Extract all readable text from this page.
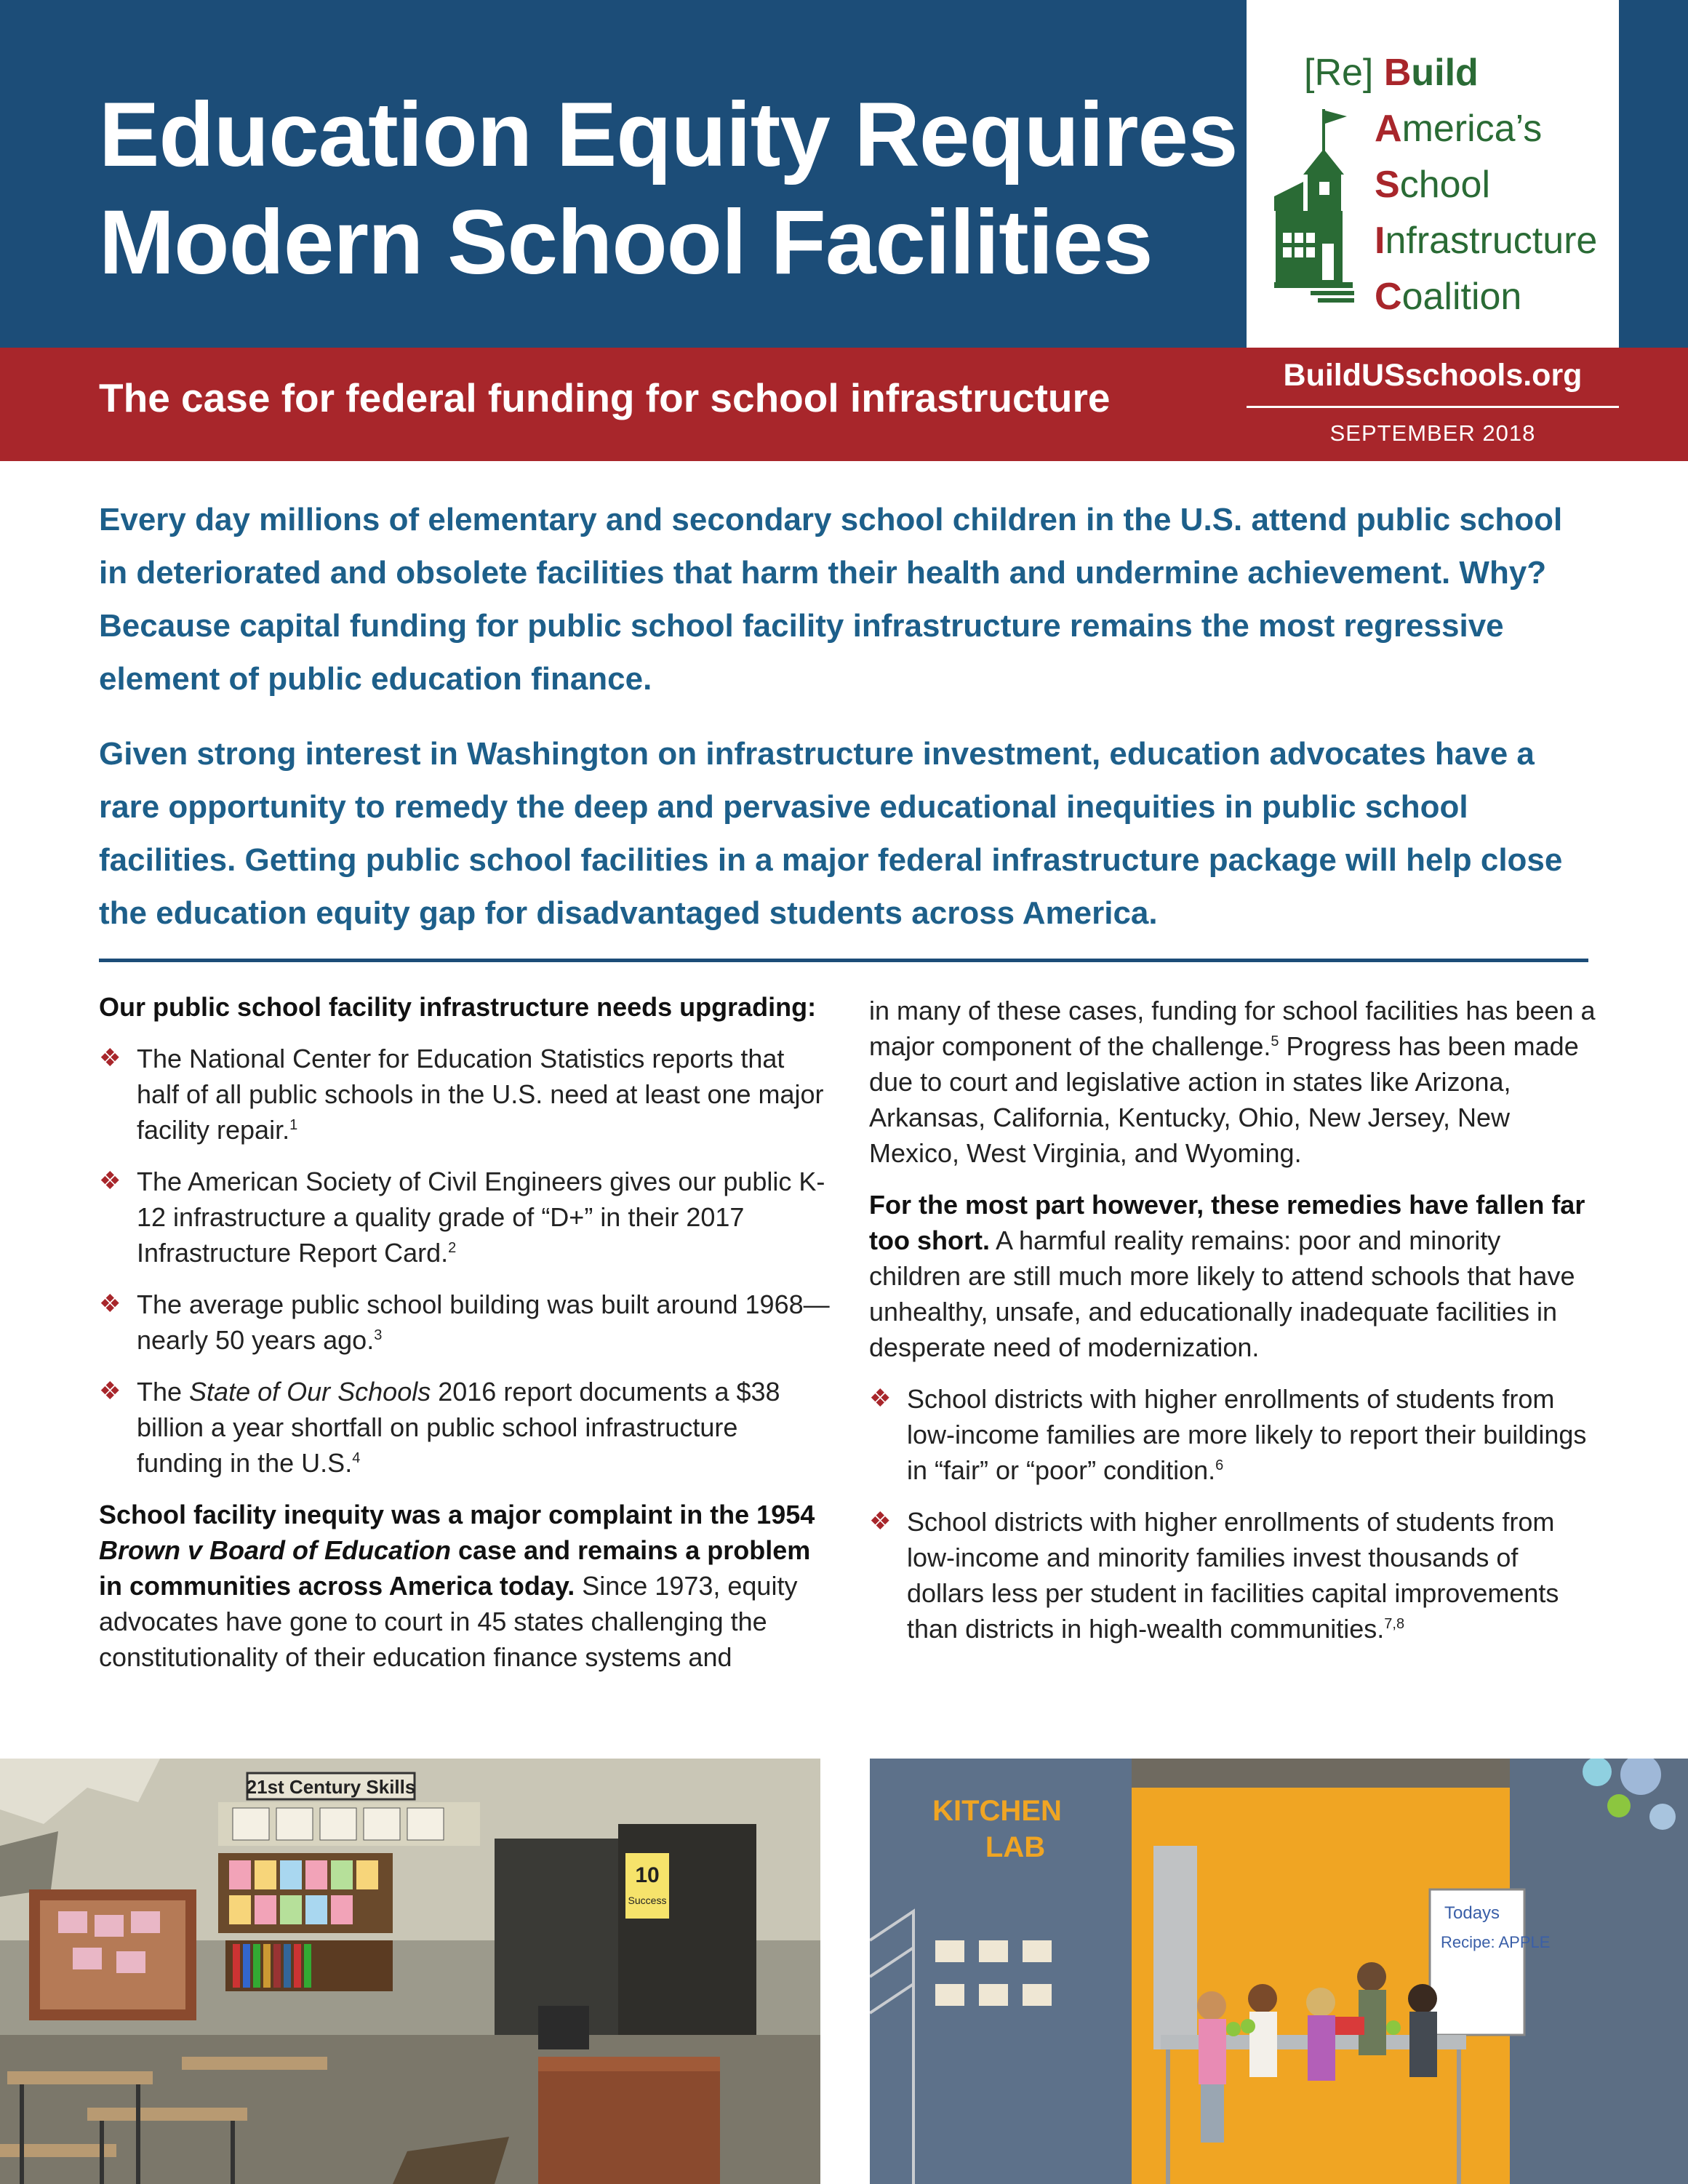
Education Equity Requires
Modern School Facilities
[Re] Build
America’s
School
Infrastructure
Coalition
The case for federal funding for school infrastructure	BuildUSschools.org
SEPTEMBER 2018
Every day millions of elementary and secondary school children in the U.S. attend public school in deteriorated and obsolete facilities that harm their health and undermine achievement. Why? Because capital funding for public school facility infrastructure remains the most regressive element of public education finance.
Given strong interest in Washington on infrastructure investment, education advocates have a rare opportunity to remedy the deep and pervasive educational inequities in public school facilities. Getting public school facilities in a major federal infrastructure package will help close the education equity gap for disadvantaged students across America.

Our public school facility infrastructure needs upgrading:

❖ The National Center for Education Statistics reports that half of all public schools in the U.S. need at least one major facility repair.$^1$

❖ The American Society of Civil Engineers gives our public K-12 infrastructure a quality grade of “D+” in their 2017 Infrastructure Report Card.$^2$

❖ The average public school building was built around 1968—nearly 50 years ago.$^3$

❖ The State of Our Schools 2016 report documents a $38 billion a year shortfall on public school infrastructure funding in the U.S.$^4$

School facility inequity was a major complaint in the 1954 Brown v Board of Education case and remains a problem in communities across America today. Since 1973, equity advocates have gone to court in 45 states challenging the constitutionality of their education finance systems and

in many of these cases, funding for school facilities has been a major component of the challenge.$^5$ Progress has been made due to court and legislative action in states like Arizona, Arkansas, California, Kentucky, Ohio, New Jersey, New Mexico, West Virginia, and Wyoming.

For the most part however, these remedies have fallen far too short. A harmful reality remains: poor and minority children are still much more likely to attend schools that have unhealthy, unsafe, and educationally inadequate facilities in desperate need of modernization.

❖ School districts with higher enrollments of students from low-income families are more likely to report their buildings in “fair” or “poor” condition.$^6$

❖ School districts with higher enrollments of students from low-income and minority families invest thousands of dollars less per student in facilities capital improvements than districts in high-wealth communities.$^{7,8}$

21st Century Skills
10
Success
KITCHEN
LAB
Todays
Recipe: APPLE
